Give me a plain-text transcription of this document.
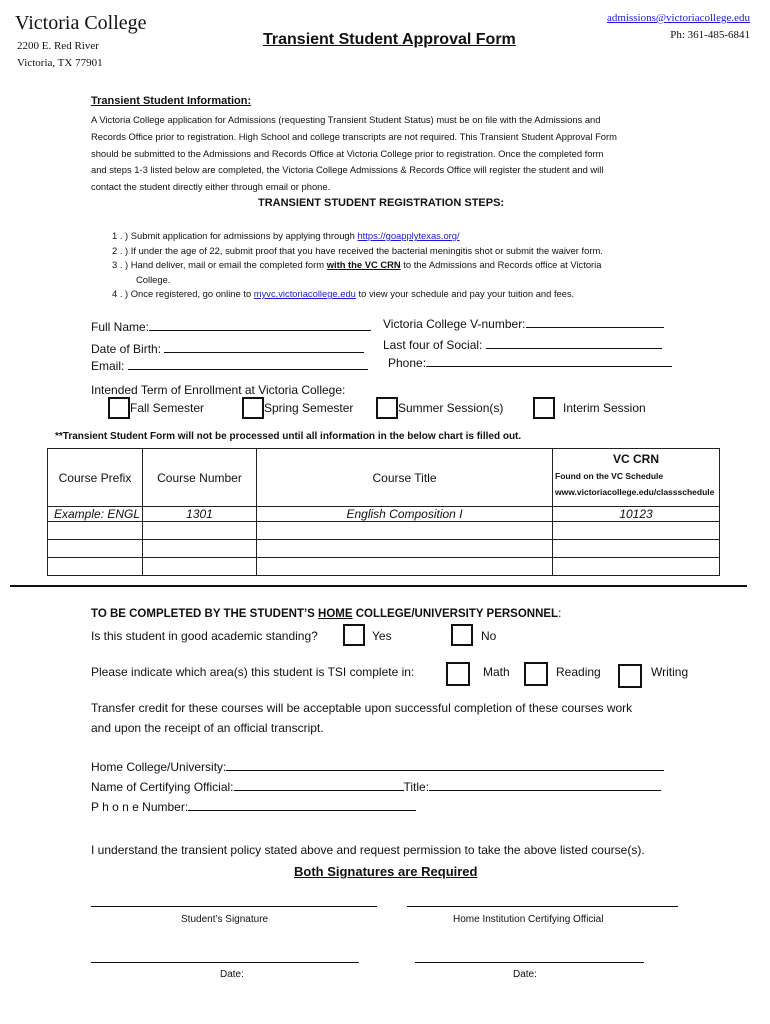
Victoria College
2200 E. Red River
Victoria, TX 77901
Transient Student Approval Form
admissions@victoriacollege.edu
Ph: 361-485-6841
Transient Student Information:
A Victoria College application for Admissions (requesting Transient Student Status) must be on file with the Admissions and
Records Office prior to registration. High School and college transcripts are not required. This Transient Student Approval Form
should be submitted to the Admissions and Records Office at Victoria College prior to registration. Once the completed form
and steps 1-3 listed below are completed, the Victoria College Admissions & Records Office will register the student and will
contact the student directly either through email or phone.
TRANSIENT STUDENT REGISTRATION STEPS:
1 . ) Submit application for admissions by applying through https://goapplytexas.org/
2 . ) If under the age of 22, submit proof that you have received the bacterial meningitis shot or submit the waiver form.
3 . ) Hand deliver, mail or email the completed form with the VC CRN to the Admissions and Records office at Victoria
College.
4 . ) Once registered, go online to myvc.victoriacollege.edu to view your schedule and pay your tuition and fees.
Full Name:
Date of Birth:
Email:
Victoria College V-number:
Last four of Social:
Phone:
Intended Term of Enrollment at Victoria College:
Fall Semester	Spring Semester	Summer Session(s)	Interim Session
**Transient Student Form will not be processed until all information in the below chart is filled out.
Course Prefix	Course Number	Course Title	VC CRN
Found on the VC Schedule
www.victoriacollege.edu/classschedule

Example: ENGL	1301	English Composition I	10123

TO BE COMPLETED BY THE STUDENT’S HOME COLLEGE/UNIVERSITY PERSONNEL:
Is this student in good academic standing?	Yes	No
Please indicate which area(s) this student is TSI complete in:	Math	Reading	Writing
Transfer credit for these courses will be acceptable upon successful completion of these courses work
and upon the receipt of an official transcript.
Home College/University:
Name of Certifying Official:	Title:
P h o n e Number:
I understand the transient policy stated above and request permission to take the above listed course(s).
Both Signatures are Required
Student’s Signature	Home Institution Certifying Official
Date:	Date:
